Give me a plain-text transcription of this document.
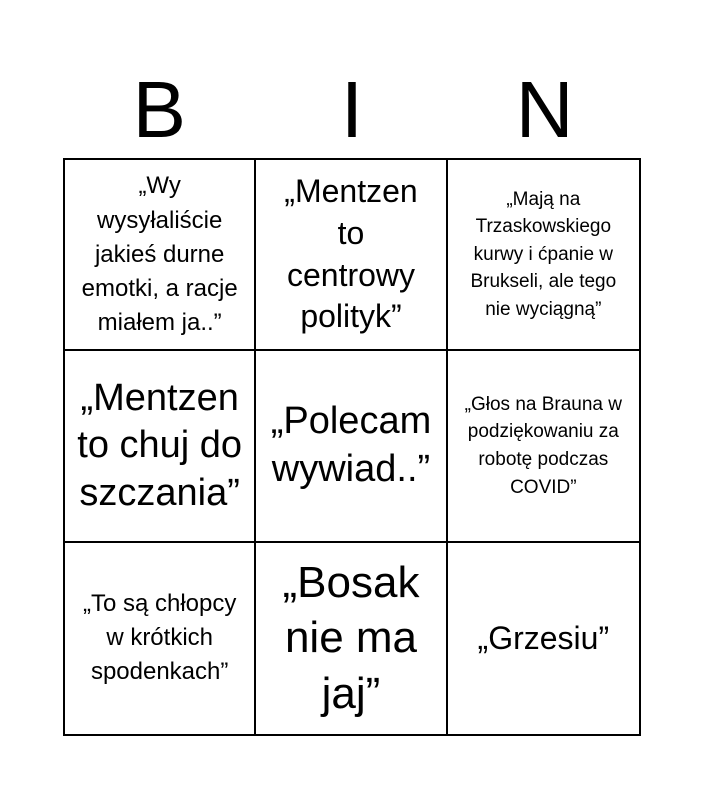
B	I	N
„Wy wysyłaliście jakieś durne emotki, a racje miałem ja..”
„Mentzen to centrowy polityk”
„Mają na Trzaskowskiego kurwy i ćpanie w Brukseli, ale tego nie wyciągną”
„Mentzen to chuj do szczania”
„Polecam wywiad..”
„Głos na Brauna w podziękowaniu za robotę podczas COVID”
„To są chłopcy w krótkich spodenkach”
„Bosak nie ma jaj”
„Grzesiu”
